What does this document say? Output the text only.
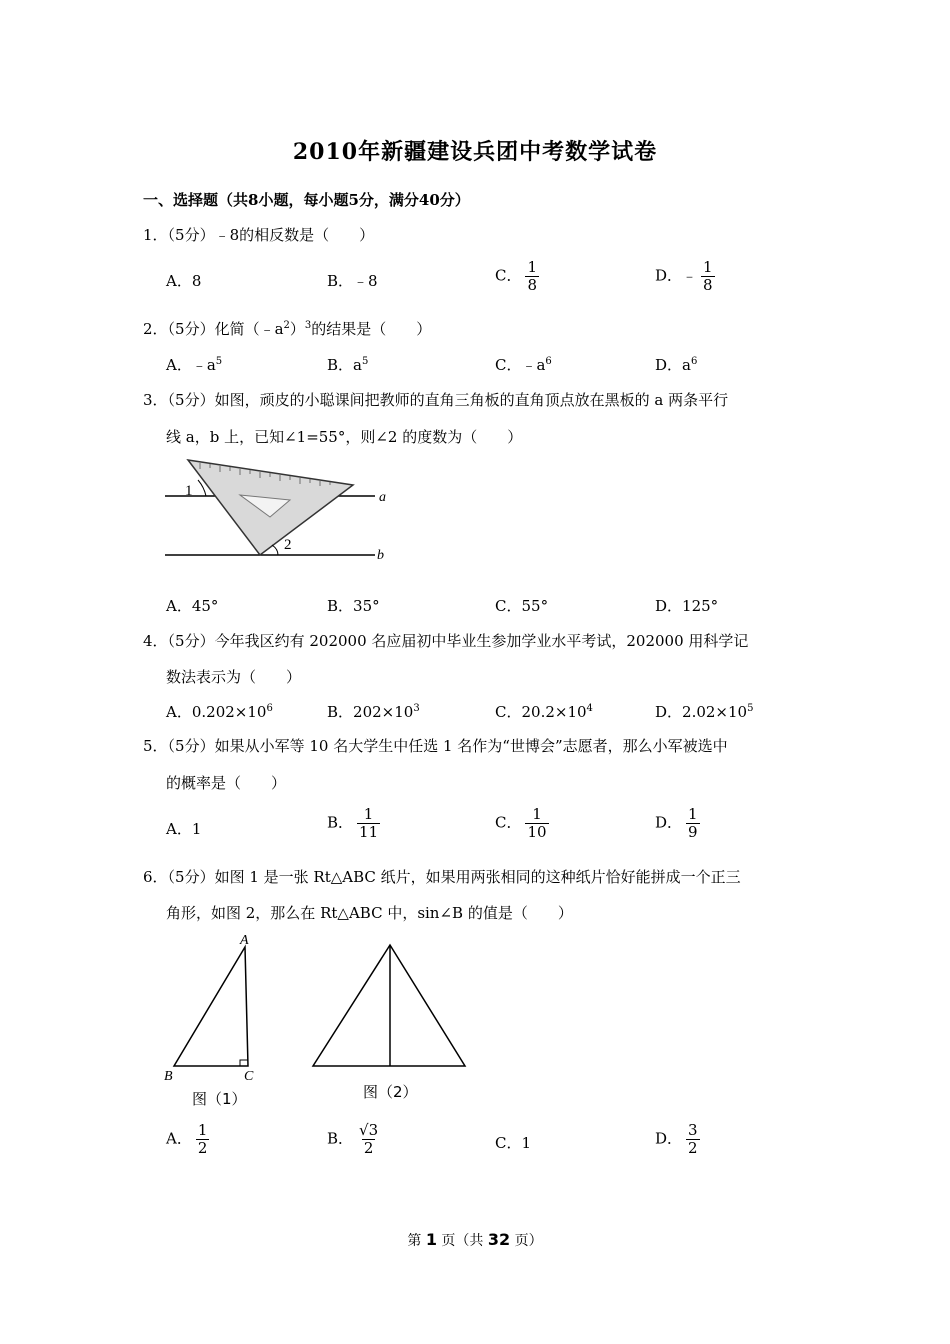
2010年新疆建设兵团中考数学试卷
一、选择题（共8小题，每小题5分，满分40分）
1．（5分）﹣8的相反数是（　　）
A．8	B．﹣8	C． $\frac{1}{8}$	D．﹣ $\frac{1}{8}$
2．（5分）化简$(﹣a^2)^3$的结果是（　　）
A．$﹣a^5$	B．$a^5$	C．$﹣a^6$	D．$a^6$
3．（5分）如图，顽皮的小聪课间把教师的直角三角板的直角顶点放在黑板的 a 两条平行
线 a，b 上，已知∠1=55°，则∠2 的度数为（　　）
1
2
a
b
A．45°	B．35°	C．55°	D．125°
4．（5分）今年我区约有 202000 名应届初中毕业生参加学业水平考试，202000 用科学记
数法表示为（　　）
A．$0.202\times 10^6$	B．$202\times 10^3$	C．$20.2\times 10^4$	D．$2.02\times 10^5$
5．（5分）如果从小军等 10 名大学生中任选 1 名作为“世博会”志愿者，那么小军被选中
的概率是（　　）
A．1	B． $\frac{1}{11}$	C． $\frac{1}{10}$	D． $\frac{1}{9}$
6．（5分）如图 1 是一张 Rt△ABC 纸片，如果用两张相同的这种纸片恰好能拼成一个正三
角形，如图 2，那么在 Rt△ABC 中，sin∠B 的值是（　　）
A
B	C
图（1）	图（2）
A． $\frac{1}{2}$	B． $\frac{√3}{2}$	C．1	D． $\frac{3}{2}$
第 1 页（共 32 页）
